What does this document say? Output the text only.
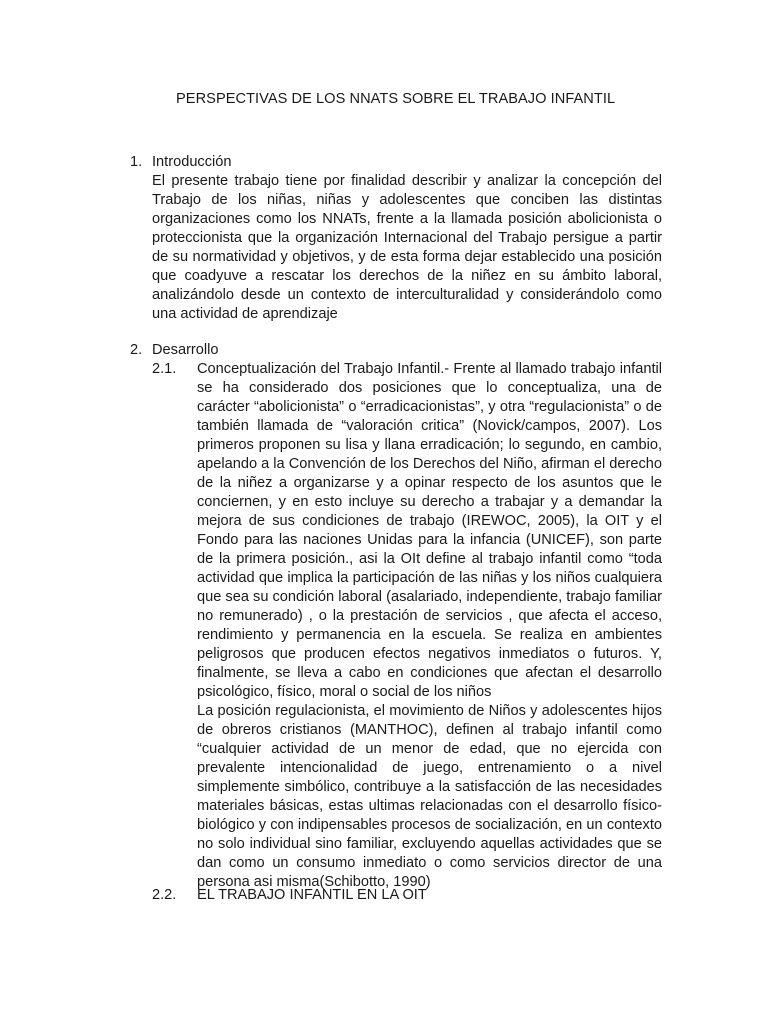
PERSPECTIVAS DE LOS NNATS SOBRE EL TRABAJO INFANTIL
1. Introducción
El presente trabajo tiene por finalidad describir y analizar la concepción del Trabajo de los niñas, niñas y adolescentes que conciben las distintas organizaciones como los NNATs, frente a la llamada posición abolicionista o proteccionista que la organización Internacional del Trabajo persigue a partir de su normatividad y objetivos, y de esta forma dejar establecido una posición que coadyuve a rescatar los derechos de la niñez en su ámbito laboral, analizándolo desde un contexto de interculturalidad y considerándolo como una actividad de aprendizaje
2. Desarrollo
2.1. Conceptualización del Trabajo Infantil.- Frente al llamado trabajo infantil se ha considerado dos posiciones que lo conceptualiza, una de carácter “abolicionista” o “erradicacionistas”, y otra “regulacionista” o de también llamada de “valoración critica” (Novick/campos, 2007). Los primeros proponen su lisa y llana erradicación; lo segundo, en cambio, apelando a la Convención de los Derechos del Niño, afirman el derecho de la niñez a organizarse y a opinar respecto de los asuntos que le conciernen, y en esto incluye su derecho a trabajar y a demandar la mejora de sus condiciones de trabajo (IREWOC, 2005), la OIT y el Fondo para las naciones Unidas para la infancia (UNICEF), son parte de la primera posición., asi la OIt define al trabajo infantil como “toda actividad que implica la participación de las niñas y los niños cualquiera que sea su condición laboral (asalariado, independiente, trabajo familiar no remunerado) , o la prestación de servicios , que afecta el acceso, rendimiento y permanencia en la escuela. Se realiza en ambientes peligrosos que producen efectos negativos inmediatos o futuros. Y, finalmente, se lleva a cabo en condiciones que afectan el desarrollo psicológico, físico, moral o social de los niños

La posición regulacionista, el movimiento de Niños y adolescentes hijos de obreros cristianos (MANTHOC), definen al trabajo infantil como “cualquier actividad de un menor de edad, que no ejercida con prevalente intencionalidad de juego, entrenamiento o a nivel simplemente simbólico, contribuye a la satisfacción de las necesidades materiales básicas, estas ultimas relacionadas con el desarrollo físico-biológico y con indipensables procesos de socialización, en un contexto no solo individual sino familiar, excluyendo aquellas actividades que se dan como un consumo inmediato o como servicios director de una persona asi misma(Schibotto, 1990)

2.2. EL TRABAJO INFANTIL EN LA OIT
